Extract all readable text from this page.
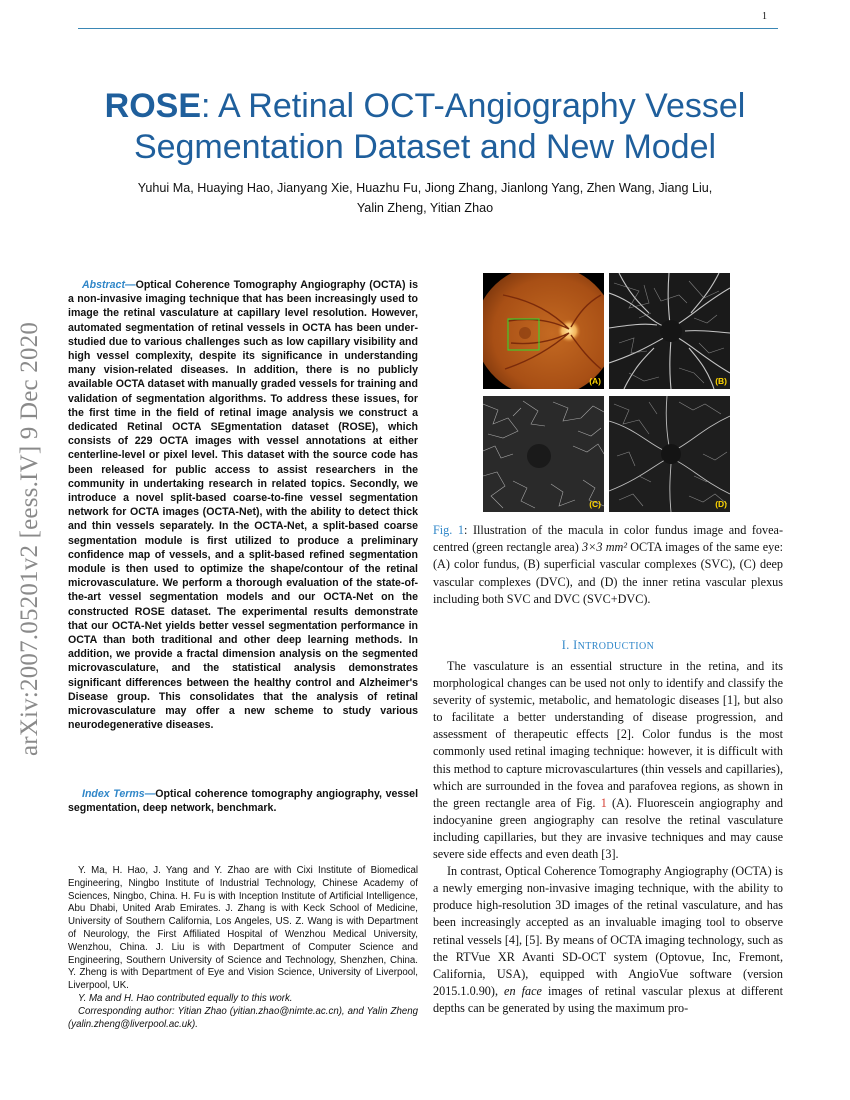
1
arXiv:2007.05201v2 [eess.IV] 9 Dec 2020
ROSE: A Retinal OCT-Angiography Vessel
Segmentation Dataset and New Model
Yuhui Ma, Huaying Hao, Jianyang Xie, Huazhu Fu, Jiong Zhang, Jianlong Yang, Zhen Wang, Jiang Liu,
Yalin Zheng, Yitian Zhao
Abstract—Optical Coherence Tomography Angiography (OCTA) is a non-invasive imaging technique that has been increasingly used to image the retinal vasculature at capillary level resolution. However, automated segmentation of retinal vessels in OCTA has been under-studied due to various challenges such as low capillary visibility and high vessel complexity, despite its significance in understanding many vision-related diseases. In addition, there is no publicly available OCTA dataset with manually graded vessels for training and validation of segmentation algorithms. To address these issues, for the first time in the field of retinal image analysis we construct a dedicated Retinal OCTA SEgmentation dataset (ROSE), which consists of 229 OCTA images with vessel annotations at either centerline-level or pixel level. This dataset with the source code has been released for public access to assist researchers in the community in undertaking research in related topics. Secondly, we introduce a novel split-based coarse-to-fine vessel segmentation network for OCTA images (OCTA-Net), with the ability to detect thick and thin vessels separately. In the OCTA-Net, a split-based coarse segmentation module is first utilized to produce a preliminary confidence map of vessels, and a split-based refined segmentation module is then used to optimize the shape/contour of the retinal microvasculature. We perform a thorough evaluation of the state-of-the-art vessel segmentation models and our OCTA-Net on the constructed ROSE dataset. The experimental results demonstrate that our OCTA-Net yields better vessel segmentation performance in OCTA than both traditional and other deep learning methods. In addition, we provide a fractal dimension analysis on the segmented microvasculature, and the statistical analysis demonstrates significant differences between the healthy control and Alzheimer's Disease group. This consolidates that the analysis of retinal microvasculature may offer a new scheme to study various neurodegenerative diseases.
Index Terms—Optical coherence tomography angiography, vessel segmentation, deep network, benchmark.

Y. Ma, H. Hao, J. Yang and Y. Zhao are with Cixi Institute of Biomedical Engineering, Ningbo Institute of Industrial Technology, Chinese Academy of Sciences, Ningbo, China. H. Fu is with Inception Institute of Artificial Intelligence, Abu Dhabi, United Arab Emirates. J. Zhang is with Keck School of Medicine, University of Southern California, Los Angeles, US. Z. Wang is with Department of Neurology, the First Affiliated Hospital of Wenzhou Medical University, Wenzhou, China. J. Liu is with Department of Computer Science and Engineering, Southern University of Science and Technology, Shenzhen, China. Y. Zheng is with Department of Eye and Vision Science, University of Liverpool, Liverpool, UK.

Y. Ma and H. Hao contributed equally to this work.

Corresponding author: Yitian Zhao (yitian.zhao@nimte.ac.cn), and Yalin Zheng (yalin.zheng@liverpool.ac.uk).

(A)	(B)
(C)	(D)
Fig. 1: Illustration of the macula in color fundus image and fovea-centred (green rectangle area) 3×3 mm² OCTA images of the same eye: (A) color fundus, (B) superficial vascular complexes (SVC), (C) deep vascular complexes (DVC), and (D) the inner retina vascular plexus including both SVC and DVC (SVC+DVC).
I. INTRODUCTION

The vasculature is an essential structure in the retina, and its morphological changes can be used not only to identify and classify the severity of systemic, metabolic, and hematologic diseases [1], but also to facilitate a better understanding of disease progression, and assessment of therapeutic effects [2]. Color fundus is the most commonly used retinal imaging technique: however, it is difficult with this method to capture microvasculartures (thin vessels and capillaries), which are surrounded in the fovea and parafovea regions, as shown in the green rectangle area of Fig. 1 (A). Fluorescein angiography and indocyanine green angiography can resolve the retinal vasculature including capillaries, but they are invasive techniques and may cause severe side effects and even death [3].

In contrast, Optical Coherence Tomography Angiography (OCTA) is a newly emerging non-invasive imaging technique, with the ability to produce high-resolution 3D images of the retinal vasculature, and has been increasingly accepted as an invaluable imaging tool to observe retinal vessels [4], [5]. By means of OCTA imaging technology, such as the RTVue XR Avanti SD-OCT system (Optovue, Inc, Fremont, California, USA), equipped with AngioVue software (version 2015.1.0.90), en face images of retinal vascular plexus at different depths can be generated by using the maximum pro-
